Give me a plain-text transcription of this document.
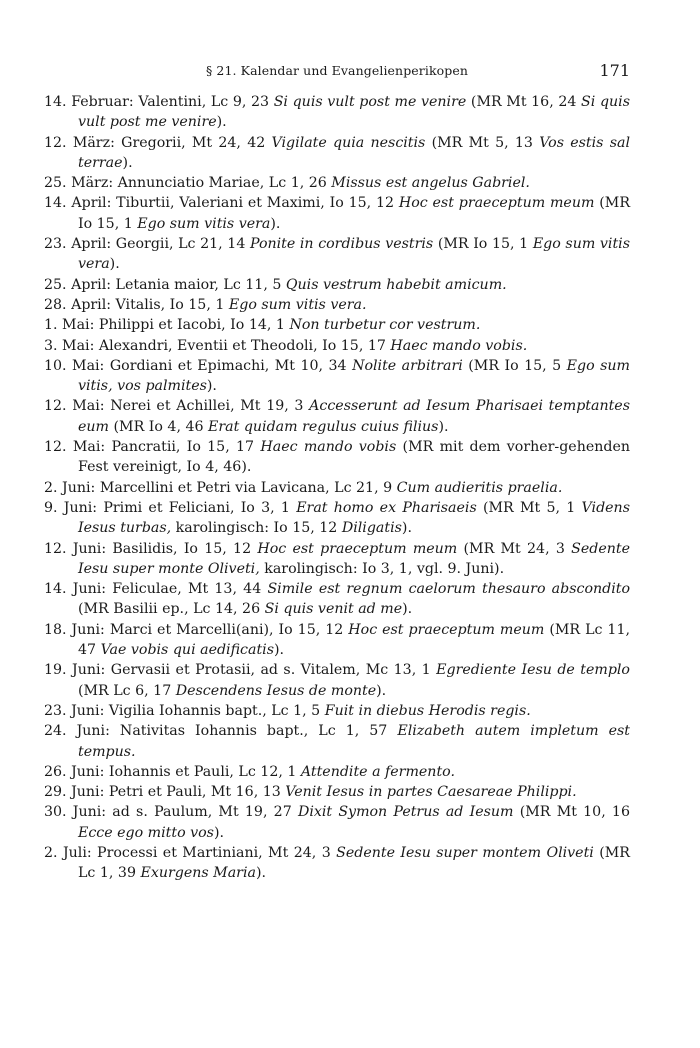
§ 21. Kalendar und Evangelienperikopen	171
14. Februar: Valentini, Lc 9, 23 Si quis vult post me venire (MR Mt 16, 24 Si quis vult post me venire).
12. März: Gregorii, Mt 24, 42 Vigilate quia nescitis (MR Mt 5, 13 Vos estis sal terrae).
25. März: Annunciatio Mariae, Lc 1, 26 Missus est angelus Gabriel.
14. April: Tiburtii, Valeriani et Maximi, Io 15, 12 Hoc est praeceptum meum (MR Io 15, 1 Ego sum vitis vera).
23. April: Georgii, Lc 21, 14 Ponite in cordibus vestris (MR Io 15, 1 Ego sum vitis vera).
25. April: Letania maior, Lc 11, 5 Quis vestrum habebit amicum.
28. April: Vitalis, Io 15, 1 Ego sum vitis vera.
1. Mai: Philippi et Iacobi, Io 14, 1 Non turbetur cor vestrum.
3. Mai: Alexandri, Eventii et Theodoli, Io 15, 17 Haec mando vobis.
10. Mai: Gordiani et Epimachi, Mt 10, 34 Nolite arbitrari (MR Io 15, 5 Ego sum vitis, vos palmites).
12. Mai: Nerei et Achillei, Mt 19, 3 Accesserunt ad Iesum Pharisaei temptantes eum (MR Io 4, 46 Erat quidam regulus cuius filius).
12. Mai: Pancratii, Io 15, 17 Haec mando vobis (MR mit dem vorher-gehenden Fest vereinigt, Io 4, 46).
2. Juni: Marcellini et Petri via Lavicana, Lc 21, 9 Cum audieritis praelia.
9. Juni: Primi et Feliciani, Io 3, 1 Erat homo ex Pharisaeis (MR Mt 5, 1 Videns Iesus turbas, karolingisch: Io 15, 12 Diligatis).
12. Juni: Basilidis, Io 15, 12 Hoc est praeceptum meum (MR Mt 24, 3 Sedente Iesu super monte Oliveti, karolingisch: Io 3, 1, vgl. 9. Juni).
14. Juni: Feliculae, Mt 13, 44 Simile est regnum caelorum thesauro abscondito (MR Basilii ep., Lc 14, 26 Si quis venit ad me).
18. Juni: Marci et Marcelli(ani), Io 15, 12 Hoc est praeceptum meum (MR Lc 11, 47 Vae vobis qui aedificatis).
19. Juni: Gervasii et Protasii, ad s. Vitalem, Mc 13, 1 Egrediente Iesu de templo (MR Lc 6, 17 Descendens Iesus de monte).
23. Juni: Vigilia Iohannis bapt., Lc 1, 5 Fuit in diebus Herodis regis.
24. Juni: Nativitas Iohannis bapt., Lc 1, 57 Elizabeth autem impletum est tempus.
26. Juni: Iohannis et Pauli, Lc 12, 1 Attendite a fermento.
29. Juni: Petri et Pauli, Mt 16, 13 Venit Iesus in partes Caesareae Philippi.
30. Juni: ad s. Paulum, Mt 19, 27 Dixit Symon Petrus ad Iesum (MR Mt 10, 16 Ecce ego mitto vos).
2. Juli: Processi et Martiniani, Mt 24, 3 Sedente Iesu super montem Oliveti (MR Lc 1, 39 Exurgens Maria).
